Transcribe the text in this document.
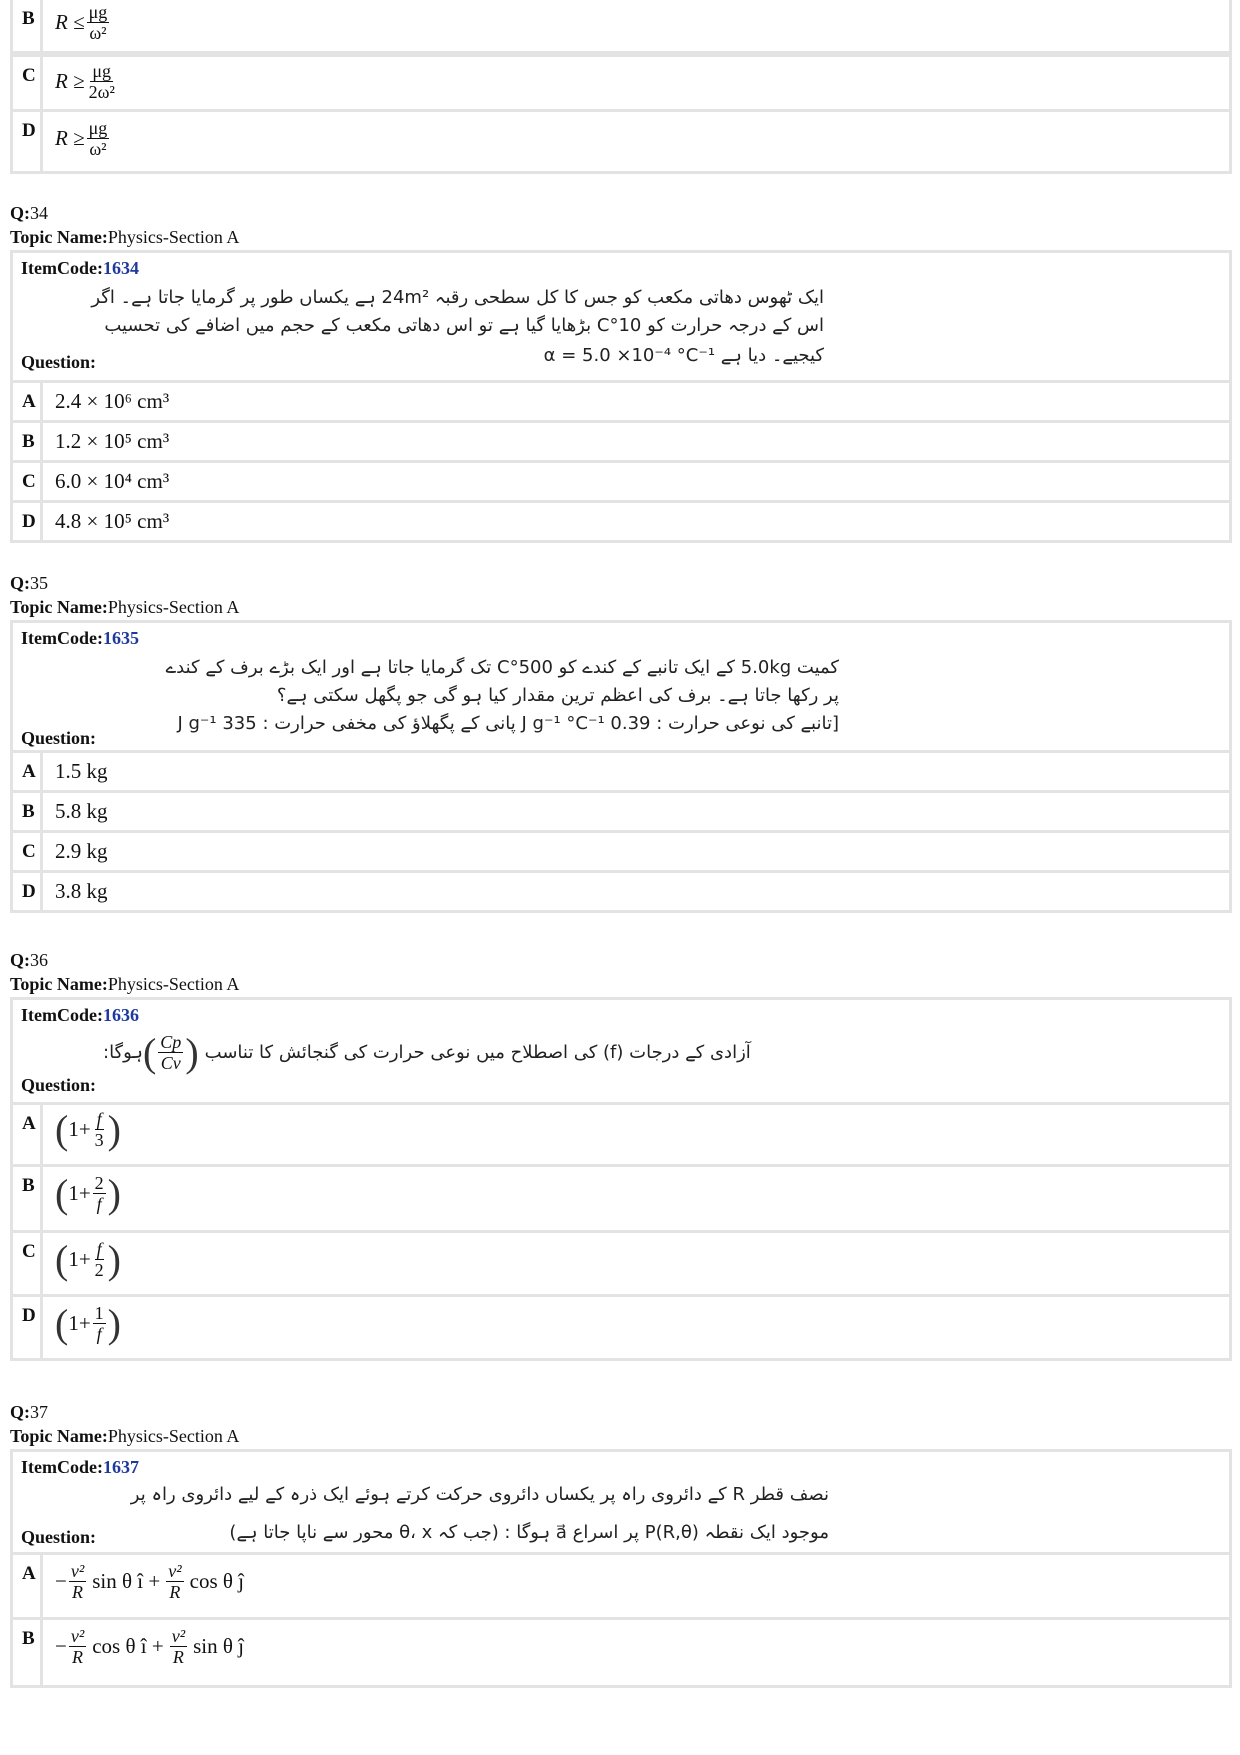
B $R \le \frac{\mu g}{\text{ω²}}$
C $R \ge \frac{\mu g}{\text{2ω²}}$
D $R \ge \frac{\mu g}{\text{ω²}}$
Q:34
Topic Name:Physics-Section A
ItemCode:1634
ایک ٹھوس دھاتی مکعب کو جس کا کل سطحی رقبہ 24m² ہے یکساں طور پر گرمایا جاتا ہے۔ اگر
اس کے درجہ حرارت کو 10°C بڑھایا گیا ہے تو اس دھاتی مکعب کے حجم میں اضافے کی تحسیب
کیجیے۔ دیا ہے α = 5.0 ×10⁻⁴ °C⁻¹
Question:
A 2.4 × 10⁶ cm³
B 1.2 × 10⁵ cm³
C 6.0 × 10⁴ cm³
D 4.8 × 10⁵ cm³
Q:35
Topic Name:Physics-Section A
ItemCode:1635
کمیت 5.0kg کے ایک تانبے کے کندے کو 500°C تک گرمایا جاتا ہے اور ایک بڑے برف کے کندے
پر رکھا جاتا ہے۔ برف کی اعظم ترین مقدار کیا ہو گی جو پگھل سکتی ہے؟
[تانبے کی نوعی حرارت : 0.39 J g⁻¹ °C⁻¹ پانی کے پگھلاؤ کی مخفی حرارت : 335 J g⁻¹
Question:
A 1.5 kg
B 5.8 kg
C 2.9 kg
D 3.8 kg
Q:36
Topic Name:Physics-Section A
ItemCode:1636
ہوگا: ( $\frac{Cp}{Cv}$ ) آزادی کے درجات (f) کی اصطلاح میں نوعی حرارت کی گنجائش کا تناسب
Question:
A ( $1+ \frac{f}{3}$ )
B ( $1+ \frac{2}{f}$ )
C ( $1+ \frac{f}{2}$ )
D ( $1+ \frac{1}{f}$ )
Q:37
Topic Name:Physics-Section A
ItemCode:1637
نصف قطر R کے دائروی راہ پر یکساں دائروی حرکت کرتے ہوئے ایک ذرہ کے لیے دائروی راہ پر
موجود ایک نقطہ P(R,θ) پر اسراع a⃗ ہوگا : (جب کہ θ، x محور سے ناپا جاتا ہے)
Question:
$A - \frac{\text{v²}}{R}$ sin θ î + $\frac{\text{v²}}{R}$ cos θ ĵ
$B - \frac{\text{v²}}{R}$ cos θ î + $\frac{\text{v²}}{R}$ sin θ ĵ
